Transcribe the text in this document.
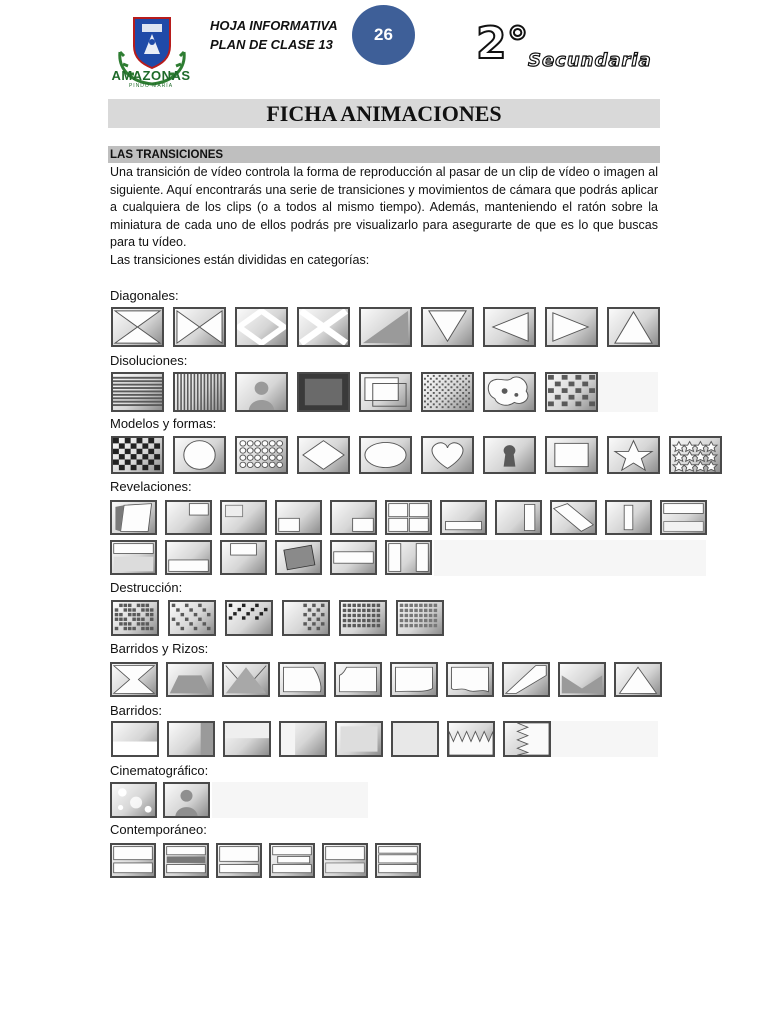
AMAZONAS
PINDO MARÍA
HOJA INFORMATIVA
PLAN DE CLASE 13
26	2° Secundaria
FICHA ANIMACIONES
LAS TRANSICIONES

Una transición de vídeo controla la forma de reproducción al pasar de un clip de vídeo o imagen al siguiente. Aquí encontrarás una serie de transiciones y movimientos de cámara que podrás aplicar a cualquiera de los clips (o a todos al mismo tiempo). Además, manteniendo el ratón sobre la miniatura de cada uno de ellos podrás pre visualizarlo para asegurarte de que es lo que buscas para tu vídeo.

Las transiciones están divididas en categorías:

Diagonales:
Disoluciones:
Modelos y formas:
Revelaciones:
Destrucción:
Barridos y Rizos:
Barridos:
Cinematográfico:
Contemporáneo:
